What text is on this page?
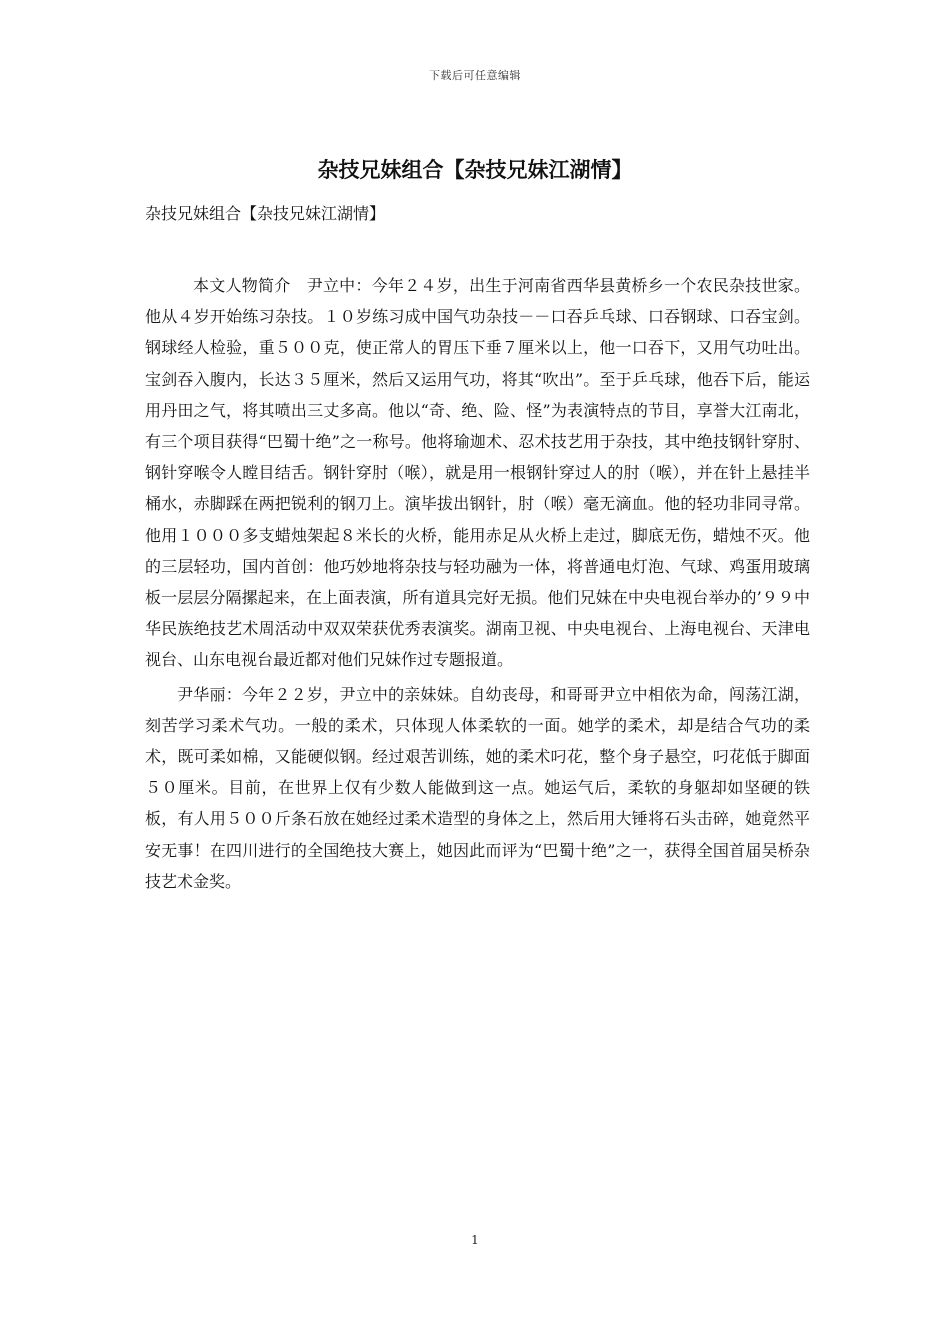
下载后可任意编辑
杂技兄妹组合【杂技兄妹江湖情】

杂技兄妹组合【杂技兄妹江湖情】

本文人物简介　尹立中：今年２４岁，出生于河南省西华县黄桥乡一个农民杂技世家。他从４岁开始练习杂技。１０岁练习成中国气功杂技－－口吞乒乓球、口吞钢球、口吞宝剑。钢球经人检验，重５００克，使正常人的胃压下垂７厘米以上，他一口吞下，又用气功吐出。宝剑吞入腹内，长达３５厘米，然后又运用气功，将其“吹出”。至于乒乓球，他吞下后，能运用丹田之气，将其喷出三丈多高。他以“奇、绝、险、怪”为表演特点的节目，享誉大江南北，有三个项目获得“巴蜀十绝”之一称号。他将瑜迦术、忍术技艺用于杂技，其中绝技钢针穿肘、钢针穿喉令人瞠目结舌。钢针穿肘（喉），就是用一根钢针穿过人的肘（喉），并在针上悬挂半桶水，赤脚踩在两把锐利的钢刀上。演毕拔出钢针，肘（喉）毫无滴血。他的轻功非同寻常。他用１０００多支蜡烛架起８米长的火桥，能用赤足从火桥上走过，脚底无伤，蜡烛不灭。他的三层轻功，国内首创：他巧妙地将杂技与轻功融为一体，将普通电灯泡、气球、鸡蛋用玻璃板一层层分隔摞起来，在上面表演，所有道具完好无损。他们兄妹在中央电视台举办的’９９中华民族绝技艺术周活动中双双荣获优秀表演奖。湖南卫视、中央电视台、上海电视台、天津电视台、山东电视台最近都对他们兄妹作过专题报道。

尹华丽：今年２２岁，尹立中的亲妹妹。自幼丧母，和哥哥尹立中相依为命，闯荡江湖，刻苦学习柔术气功。一般的柔术，只体现人体柔软的一面。她学的柔术，却是结合气功的柔术，既可柔如棉，又能硬似钢。经过艰苦训练，她的柔术叼花，整个身子悬空，叼花低于脚面５０厘米。目前，在世界上仅有少数人能做到这一点。她运气后，柔软的身躯却如坚硬的铁板，有人用５００斤条石放在她经过柔术造型的身体之上，然后用大锤将石头击碎，她竟然平安无事！在四川进行的全国绝技大赛上，她因此而评为“巴蜀十绝”之一，获得全国首届吴桥杂技艺术金奖。

1
